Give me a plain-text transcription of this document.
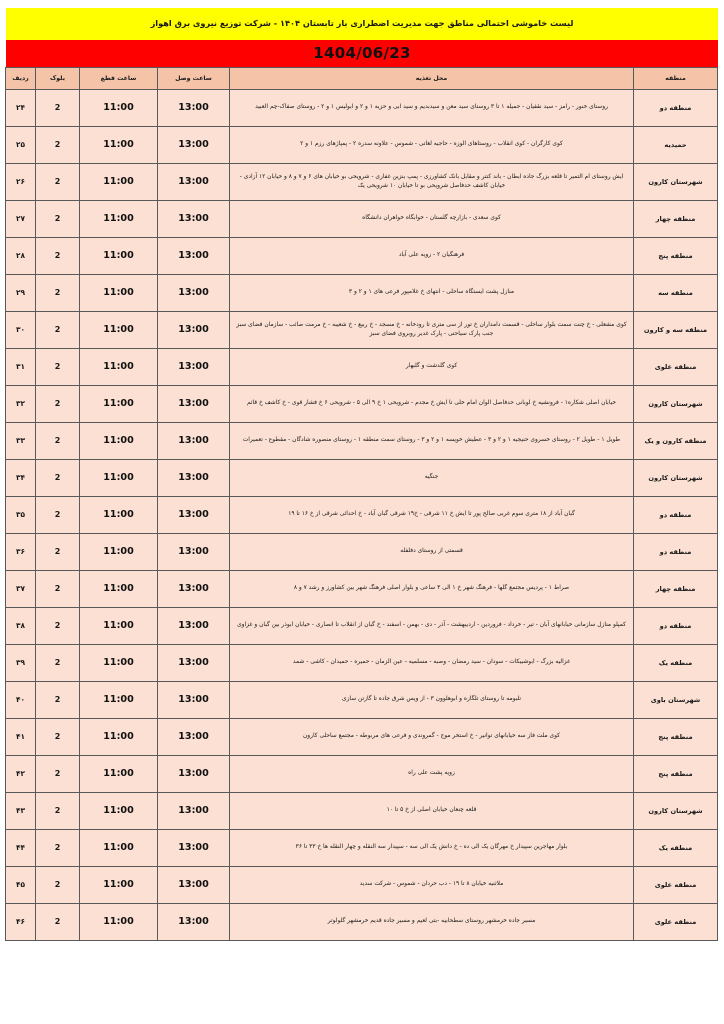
لیست خاموشی احتمالی مناطق جهت مدیریت اضطراری بار تابستان ۱۴۰۴ - شرکت توزیع نیروی برق اهواز
1404/06/23
منطقه	محل تغذیه	ساعت وصل	ساعت قطع	بلوک	ردیف
منطقه دو	روستای خنور - رامز - سید نقفیان - حمیله ۱ تا ۳ روستای سید معن و سیدبدیم و سید ابی و حزیه ۱ و ۲ و ابولیس ۱ و ۲ - روستای صفاک-چم العبید	13:00	11:00	2	۲۴
حمیدیه	کوی کارگران - کوی انقلاب - روستاهای الوزه - حاجیه لغاتی - شموس - علاونه سدره ۲ - پمپاژهای رزم ۱ و ۲	13:00	11:00	2	۲۵
شهرستان کارون	ایش روستای ام التمیر تا قلعه بزرگ جاده ابطان - باند کنتر و مقابل بانک کشاورزی - پمپ بنزین غفاری - شرویحی بو خیابان های ۶ و ۷ و ۸ و خیابان ۱۲ آزادی - خیابان کاشف حدفاصل شرویحی بو تا خیابان ۱۰ شرویحی یک	13:00	11:00	2	۲۶
منطقه چهار	کوی سعدی - بازارچه گلستان - خوابگاه خواهران دانشگاه	13:00	11:00	2	۲۷
منطقه پنج	فرهنگیان ۲ - زویه علی آباد	13:00	11:00	2	۲۸
منطقه سه	منازل پشت ایستگاه ساحلی - انتهای خ غلامپور فرعی های ۱ و ۲ و ۳	13:00	11:00	2	۲۹
منطقه سه و کارون	کوی مشعلی - خ چنت سمت بلوار ساحلی - قسمت دامداران خ تور از سی متری تا رودخانه - خ مسجد - خ ربیع - خ شعیبه - خ مرمت صائب - سازمان فضای سبز جنب پارک سیاحتی - پارک غدیر روبروی فضای سبز	13:00	11:00	2	۳۰
منطقه علوی	کوی گلدشت و گلبهار	13:00	11:00	2	۳۱
شهرستان کارون	خیابان اصلی شکاره۱ - فرونشیه خ لوبانی حدفاصل الوان امام خلی تا ایش خ مجدم - شرویحی ۱ خ ۹ الی ۵ - شرویحی ۶ خ فشار قوی - خ کاشف خ قائم	13:00	11:00	2	۳۲
منطقه کارون و یک	طویل ۱ - طویل ۲ - روستای خسروی حنیجیه ۱ و ۲ و ۳ - عطیش خویسه ۱ و ۲ و ۳ - روستای سمت منطقه ۱ - روستای منصوره شادگان - مقطوع - تعمیرات	13:00	11:00	2	۳۳
شهرستان کارون	جنگیه	13:00	11:00	2	۳۴
منطقه دو	گبان آباد از ۱۸ متری سوم غربی صالح پور تا ایش خ ۱۱ شرقی - خ۱۹ شرقی گبان آباد - خ احداثی شرقی از خ ۱۶ تا ۱۹	13:00	11:00	2	۳۵
منطقه دو	قسمتی از روستای دفلفله	13:00	11:00	2	۳۶
منطقه چهار	صراط ۱ - پردیس مجتمع گلها - فرهنگ شهر خ ۱ الی ۳ ساعی و بلوار اصلی فرهنگ شهر بین کشاورز و رشد ۷ و ۸	13:00	11:00	2	۳۷
منطقه دو	کمپلو منازل سازمانی خیابانهای آبان - تیر - خرداد - فروردین - اردیبهشت - آذر - دی - بهمن - اسفند - خ گبان از انقلاب تا انصاری - خیابان ابوذر بین گبان و غزاوی	13:00	11:00	2	۳۸
منطقه یک	غزالیه بزرگ - ابوشبیکات - سودان - سید رمضان - وصبه - مسلمیه - عین الزمان - حمیره - حمیدان - کاشی - شمد	13:00	11:00	2	۳۹
شهرستان باوی	تلبومه تا روستای تلگازه و ابوهلوون ۳ - از ویس شرق جاده تا گازتن سازی	13:00	11:00	2	۴۰
منطقه پنج	کوی ملت فاز سه خیابانهای توانیر - خ استخر موج - گمروندی و فرعی های مربوطه - مجتمع ساحلی کارون	13:00	11:00	2	۴۱
منطقه پنج	زویه پشت علی راه	13:00	11:00	2	۴۲
شهرستان کارون	قلعه چنعان خیابان اصلی از خ ۵ تا ۱۰	13:00	11:00	2	۴۳
منطقه یک	بلوار مهاجرین سپیدار خ مهرگان یک الی ده - خ دانش یک الی سه - سپیدار سه النقله و چهار النقله ها خ ۳۳ تا ۳۶	13:00	11:00	2	۴۴
منطقه علوی	ملاثنیه خیابان ۸ تا ۱۹ - دب حردان - شموس - شرکت سدید	13:00	11:00	2	۴۵
منطقه علوی	مسیر جاده خرمشهر روستای سطحابیه -بتی لعیم و مسیر جاده قدیم خرمشهر گلولوتر	13:00	11:00	2	۴۶
